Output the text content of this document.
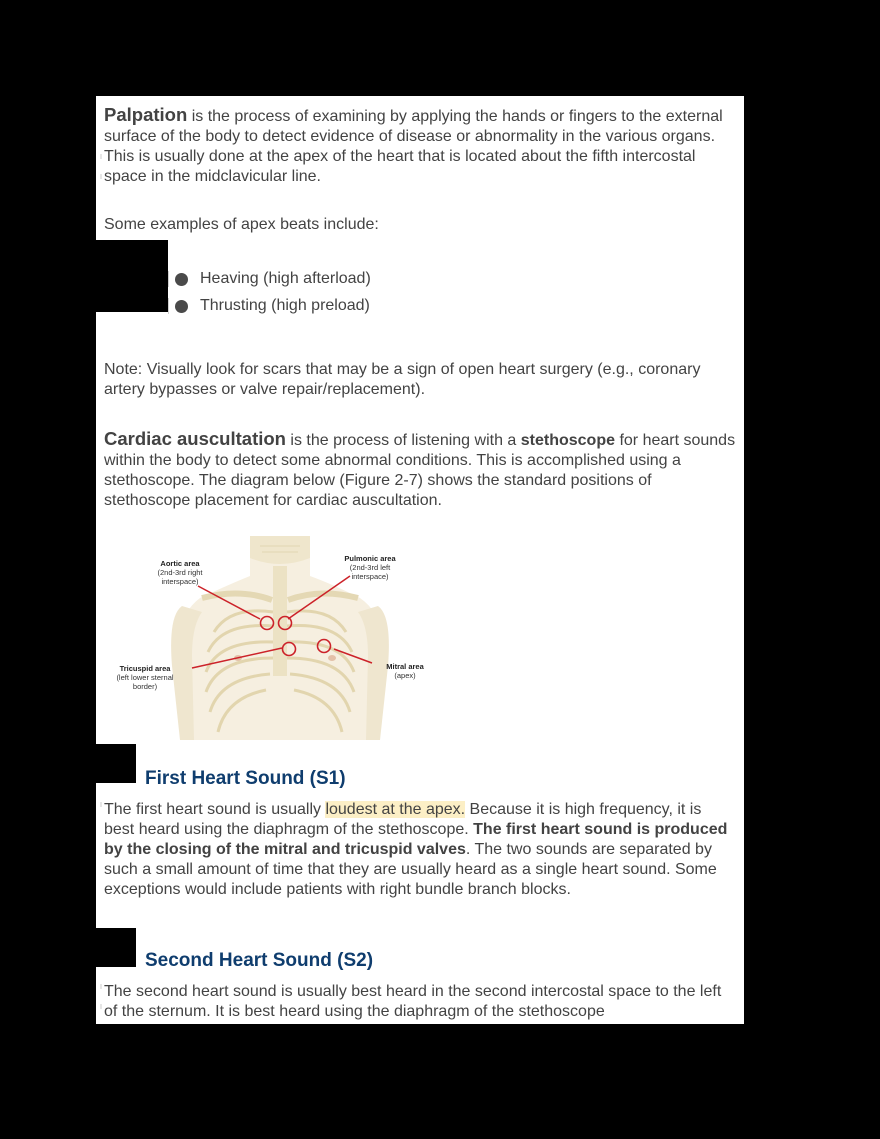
Palpation is the process of examining by applying the hands or fingers to the external surface of the body to detect evidence of disease or abnormality in the various organs. This is usually done at the apex of the heart that is located about the fifth intercostal space in the midclavicular line.

Some examples of apex beats include:

Heaving (high afterload)
Thrusting (high preload)

Note: Visually look for scars that may be a sign of open heart surgery (e.g., coronary artery bypasses or valve repair/replacement).

Cardiac auscultation is the process of listening with a stethoscope for heart sounds within the body to detect some abnormal conditions. This is accomplished using a stethoscope. The diagram below (Figure 2-7) shows the standard positions of stethoscope placement for cardiac auscultation.

Aortic area
(2nd-3rd right
interspace)
Pulmonic area
(2nd-3rd left
interspace)
Tricuspid area
(left lower sternal
border)
Mitral area
(apex)
First Heart Sound (S1)

The first heart sound is usually loudest at the apex. Because it is high frequency, it is best heard using the diaphragm of the stethoscope. The first heart sound is produced by the closing of the mitral and tricuspid valves. The two sounds are separated by such a small amount of time that they are usually heard as a single heart sound. Some exceptions would include patients with right bundle branch blocks.

Second Heart Sound (S2)

The second heart sound is usually best heard in the second intercostal space to the left of the sternum. It is best heard using the diaphragm of the stethoscope
